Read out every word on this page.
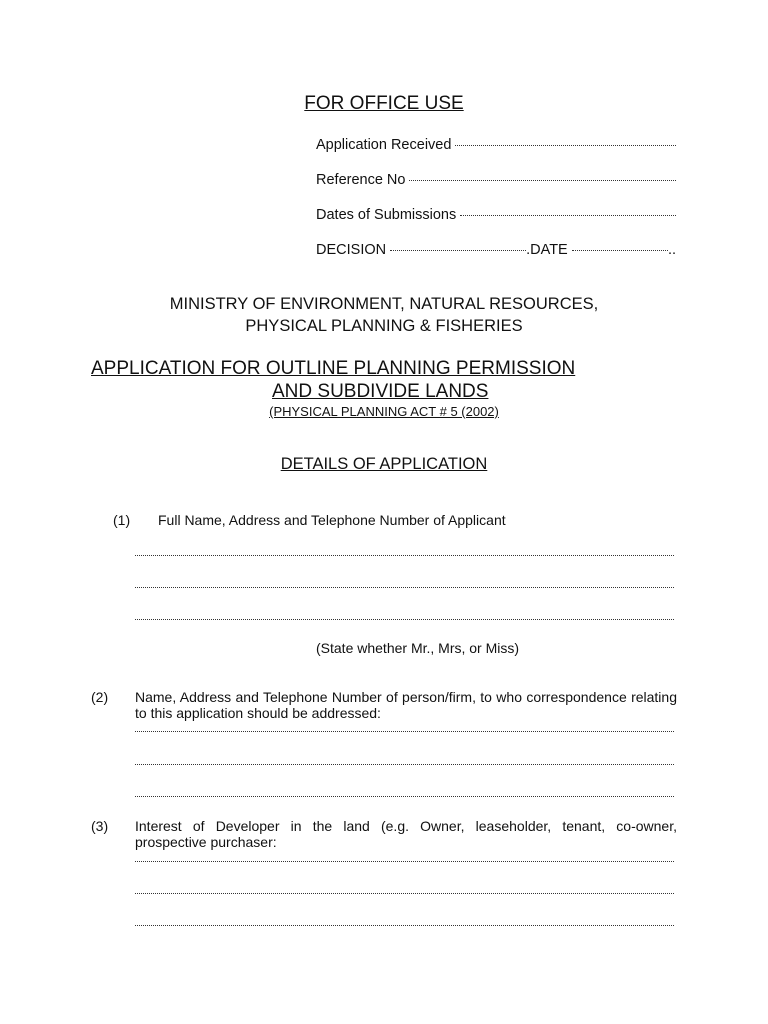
FOR OFFICE USE
Application Received
Reference No
Dates of Submissions
DECISION	.DATE	..
MINISTRY OF ENVIRONMENT, NATURAL RESOURCES,
PHYSICAL PLANNING & FISHERIES
APPLICATION FOR OUTLINE PLANNING PERMISSION
AND SUBDIVIDE LANDS
(PHYSICAL PLANNING ACT # 5 (2002)
DETAILS OF APPLICATION
(1) Full Name, Address and Telephone Number of Applicant
(State whether Mr., Mrs, or Miss)
(2) Name, Address and Telephone Number of person/firm, to who correspondence relating to this application should be addressed:
(3) Interest of Developer in the land (e.g. Owner, leaseholder, tenant, co-owner, prospective purchaser:
